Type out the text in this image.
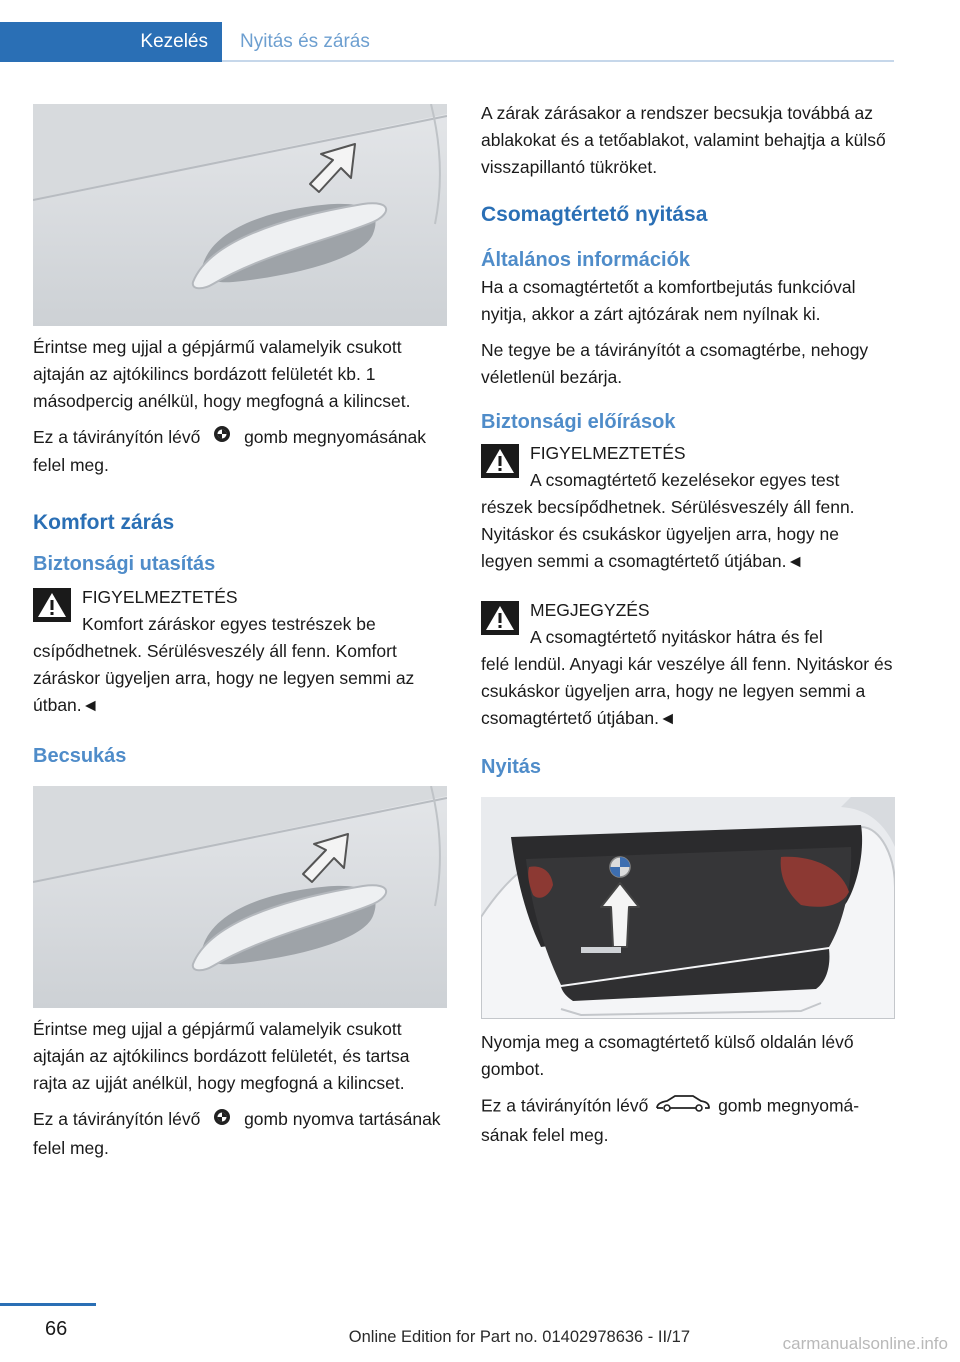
Kezelés Nyitás és zárás

Érintse meg ujjal a gépjármű valamelyik csukott ajtaján az ajtókilincs bordázott felületét kb. 1 másodpercig anélkül, hogy megfogná a kilincset.

Ez a távirányítón lévő	gomb megnyomásának felel meg.

Komfort zárás
Biztonsági utasítás

FIGYELMEZTETÉS

Komfort záráskor egyes testrészek be

csípődhetnek. Sérülésveszély áll fenn. Komfort záráskor ügyeljen arra, hogy ne legyen semmi az útban.◄

Becsukás

Érintse meg ujjal a gépjármű valamelyik csukott ajtaján az ajtókilincs bordázott felületét, és tartsa rajta az ujját anélkül, hogy megfogná a kilincset.

Ez a távirányítón lévő	gomb nyomva tartásának felel meg.

A zárak zárásakor a rendszer becsukja továbbá az ablakokat és a tetőablakot, valamint behajtja a külső visszapillantó tükröket.

Csomagtértető nyitása
Általános információk

Ha a csomagtértetőt a komfortbejutás funkcióval nyitja, akkor a zárt ajtózárak nem nyílnak ki.

Ne tegye be a távirányítót a csomagtérbe, nehogy véletlenül bezárja.

Biztonsági előírások

FIGYELMEZTETÉS

A csomagtértető kezelésekor egyes test

részek becsípődhetnek. Sérülésveszély áll fenn. Nyitáskor és csukáskor ügyeljen arra, hogy ne legyen semmi a csomagtértető útjában.◄

MEGJEGYZÉS

A csomagtértető nyitáskor hátra és fel

felé lendül. Anyagi kár veszélye áll fenn. Nyitáskor és csukáskor ügyeljen arra, hogy ne legyen semmi a csomagtértető útjában.◄

Nyitás

Nyomja meg a csomagtértető külső oldalán lévő gombot.

Ez a távirányítón lévő	gomb megnyomásának felel meg.

66	Online Edition for Part no. 01402978636 - II/17	carmanualsonline.info
